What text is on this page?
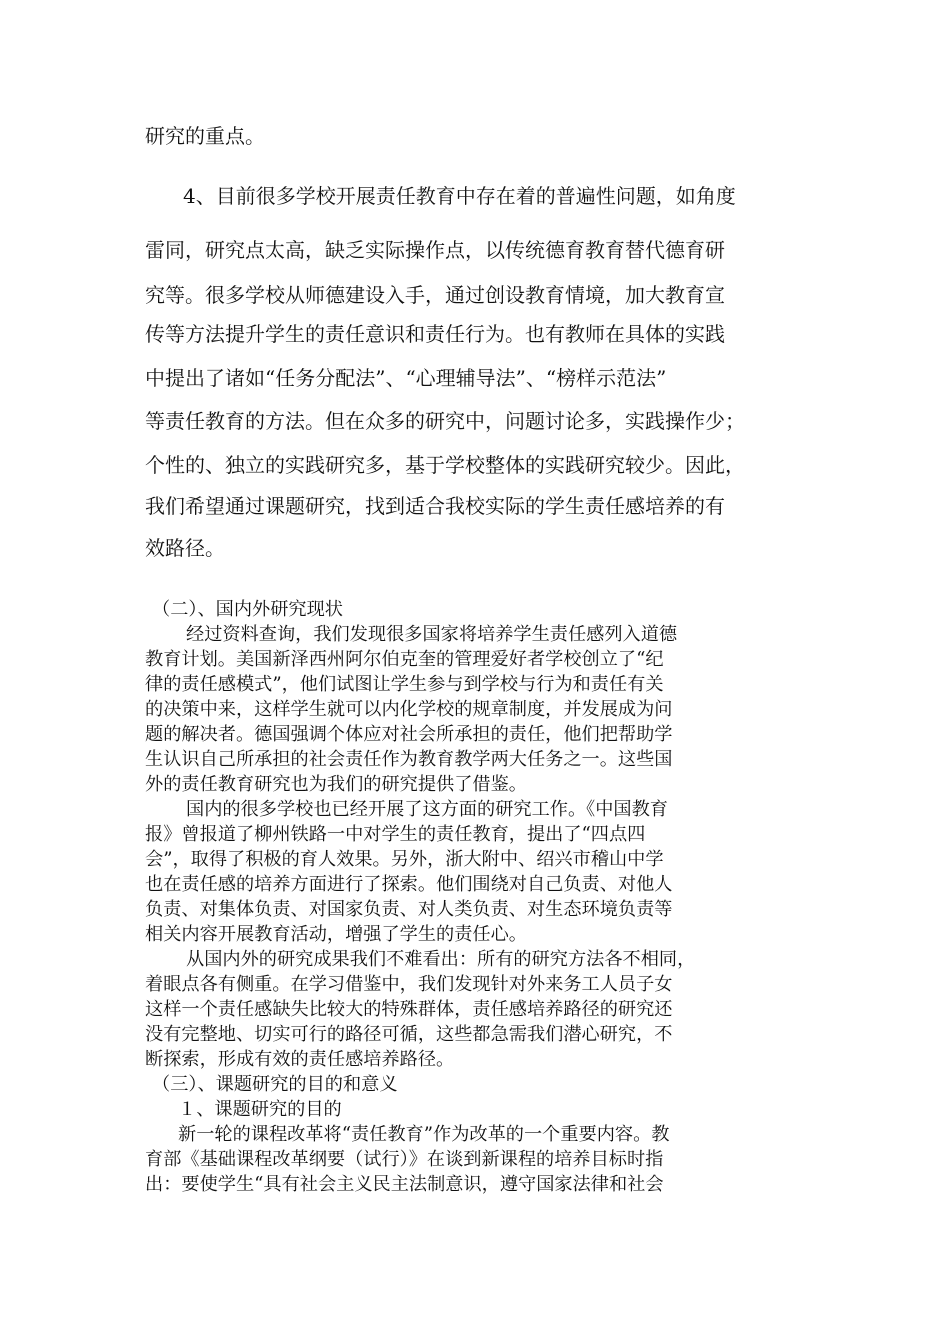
研究的重点。
4、目前很多学校开展责任教育中存在着的普遍性问题，如角度
雷同，研究点太高，缺乏实际操作点，以传统德育教育替代德育研
究等。很多学校从师德建设入手，通过创设教育情境，加大教育宣
传等方法提升学生的责任意识和责任行为。也有教师在具体的实践
中提出了诸如“任务分配法”、“心理辅导法”、“榜样示范法”
等责任教育的方法。但在众多的研究中，问题讨论多，实践操作少；
个性的、独立的实践研究多，基于学校整体的实践研究较少。因此，
我们希望通过课题研究，找到适合我校实际的学生责任感培养的有
效路径。
（二）、国内外研究现状
经过资料查询，我们发现很多国家将培养学生责任感列入道德
教育计划。美国新泽西州阿尔伯克奎的管理爱好者学校创立了“纪
律的责任感模式”，他们试图让学生参与到学校与行为和责任有关
的决策中来，这样学生就可以内化学校的规章制度，并发展成为问
题的解决者。德国强调个体应对社会所承担的责任，他们把帮助学
生认识自己所承担的社会责任作为教育教学两大任务之一。这些国
外的责任教育研究也为我们的研究提供了借鉴。
国内的很多学校也已经开展了这方面的研究工作。《中国教育
报》曾报道了柳州铁路一中对学生的责任教育，提出了“四点四
会”，取得了积极的育人效果。另外，浙大附中、绍兴市稽山中学
也在责任感的培养方面进行了探索。他们围绕对自己负责、对他人
负责、对集体负责、对国家负责、对人类负责、对生态环境负责等
相关内容开展教育活动，增强了学生的责任心。
从国内外的研究成果我们不难看出：所有的研究方法各不相同，
着眼点各有侧重。在学习借鉴中，我们发现针对外来务工人员子女
这样一个责任感缺失比较大的特殊群体，责任感培养路径的研究还
没有完整地、切实可行的路径可循，这些都急需我们潜心研究，不
断探索，形成有效的责任感培养路径。
（三）、课题研究的目的和意义
１、课题研究的目的
新一轮的课程改革将“责任教育”作为改革的一个重要内容。教
育部《基础课程改革纲要（试行）》在谈到新课程的培养目标时指
出：要使学生“具有社会主义民主法制意识，遵守国家法律和社会
